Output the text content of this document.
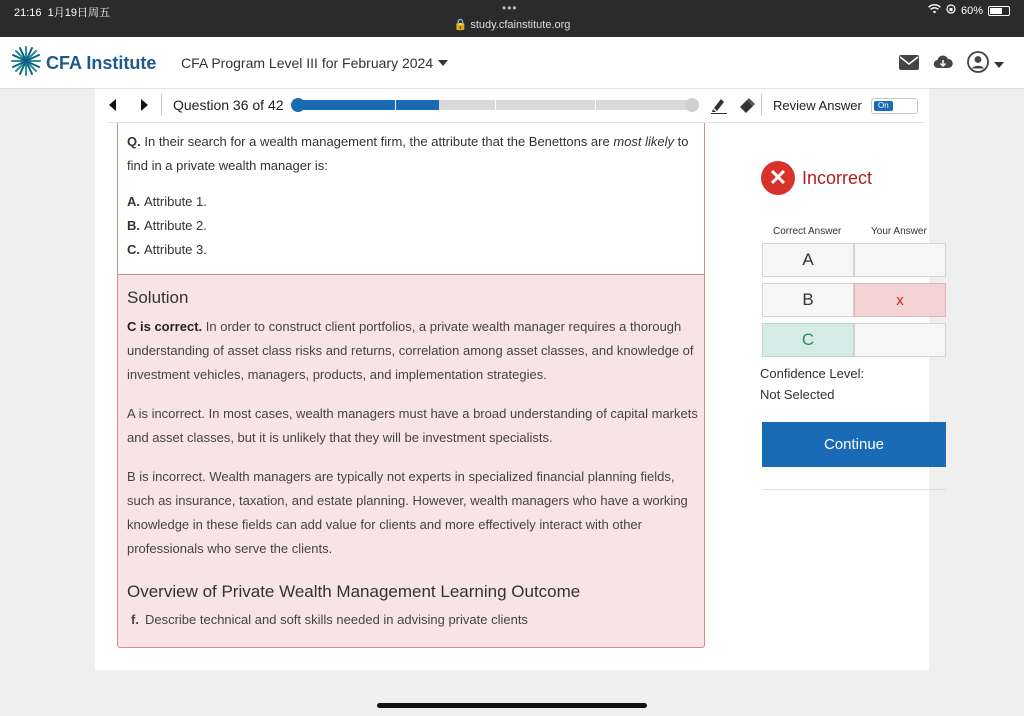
21:16 1月19日周五	•••
🔒 study.cfainstitute.org
60%
CFA Institute CFA Program Level III for February 2024
Question 36 of 42	Review Answer	On
Q. In their search for a wealth management firm, the attribute that the Benettons are most likely to find in a private wealth manager is:
A. Attribute 1.
B. Attribute 2.
C. Attribute 3.
Solution
C is correct. In order to construct client portfolios, a private wealth manager requires a thorough understanding of asset class risks and returns, correlation among asset classes, and knowledge of investment vehicles, managers, products, and implementation strategies.
A is incorrect. In most cases, wealth managers must have a broad understanding of capital markets and asset classes, but it is unlikely that they will be investment specialists.
B is incorrect. Wealth managers are typically not experts in specialized financial planning fields, such as insurance, taxation, and estate planning. However, wealth managers who have a working knowledge in these fields can add value for clients and more effectively interact with other professionals who serve the clients.
Overview of Private Wealth Management Learning Outcome
f. Describe technical and soft skills needed in advising private clients
✕ Incorrect
Correct Answer	Your Answer
A
B	x
C
Confidence Level:
Not Selected
Continue
